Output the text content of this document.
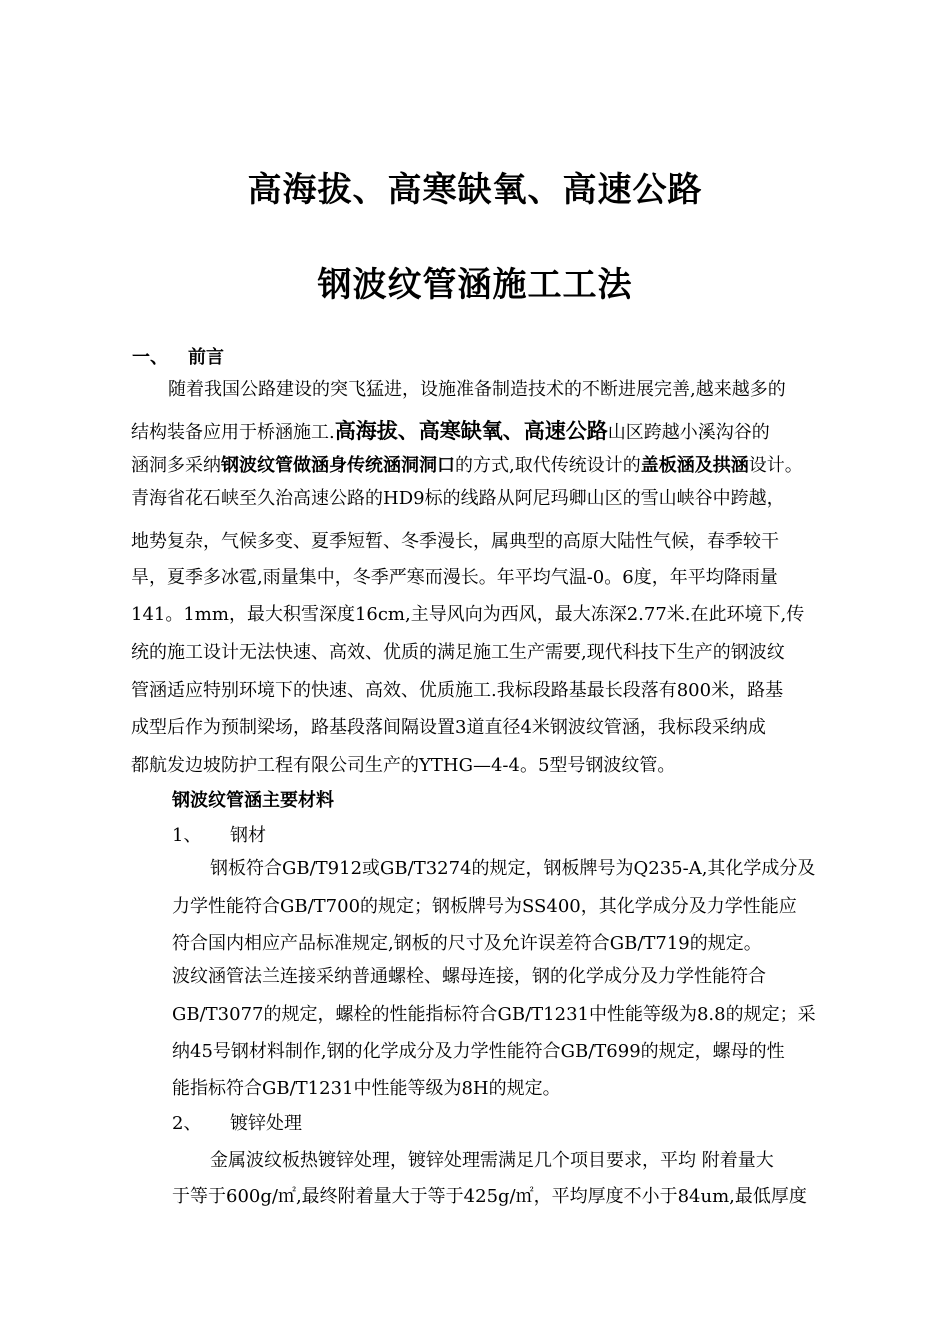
高海拔、高寒缺氧、高速公路
钢波纹管涵施工工法
一、 前言
随着我国公路建设的突飞猛进，设施准备制造技术的不断进展完善,越来越多的
结构装备应用于桥涵施工.高海拔、高寒缺氧、高速公路山区跨越小溪沟谷的
涵洞多采纳钢波纹管做涵身传统涵洞洞口的方式,取代传统设计的盖板涵及拱涵设计。
青海省花石峡至久治高速公路的HD9标的线路从阿尼玛卿山区的雪山峡谷中跨越，
地势复杂，气候多变、夏季短暂、冬季漫长，属典型的高原大陆性气候，春季较干
旱，夏季多冰雹,雨量集中，冬季严寒而漫长。年平均气温-0。6度，年平均降雨量
141。1mm，最大积雪深度16cm,主导风向为西风，最大冻深2.77米.在此环境下,传
统的施工设计无法快速、高效、优质的满足施工生产需要,现代科技下生产的钢波纹
管涵适应特别环境下的快速、高效、优质施工.我标段路基最长段落有800米，路基
成型后作为预制梁场，路基段落间隔设置3道直径4米钢波纹管涵，我标段采纳成
都航发边坡防护工程有限公司生产的YTHG—4-4。5型号钢波纹管。
钢波纹管涵主要材料
1、 钢材
钢板符合GB/T912或GB/T3274的规定，钢板牌号为Q235-A,其化学成分及
力学性能符合GB/T700的规定；钢板牌号为SS400，其化学成分及力学性能应
符合国内相应产品标准规定,钢板的尺寸及允许误差符合GB/T719的规定。
波纹涵管法兰连接采纳普通螺栓、螺母连接，钢的化学成分及力学性能符合
GB/T3077的规定，螺栓的性能指标符合GB/T1231中性能等级为8.8的规定；采
纳45号钢材料制作,钢的化学成分及力学性能符合GB/T699的规定，螺母的性
能指标符合GB/T1231中性能等级为8H的规定。
2、 镀锌处理
金属波纹板热镀锌处理，镀锌处理需满足几个项目要求，平均 附着量大
于等于600g/㎡,最终附着量大于等于425g/㎡，平均厚度不小于84um,最低厚度
